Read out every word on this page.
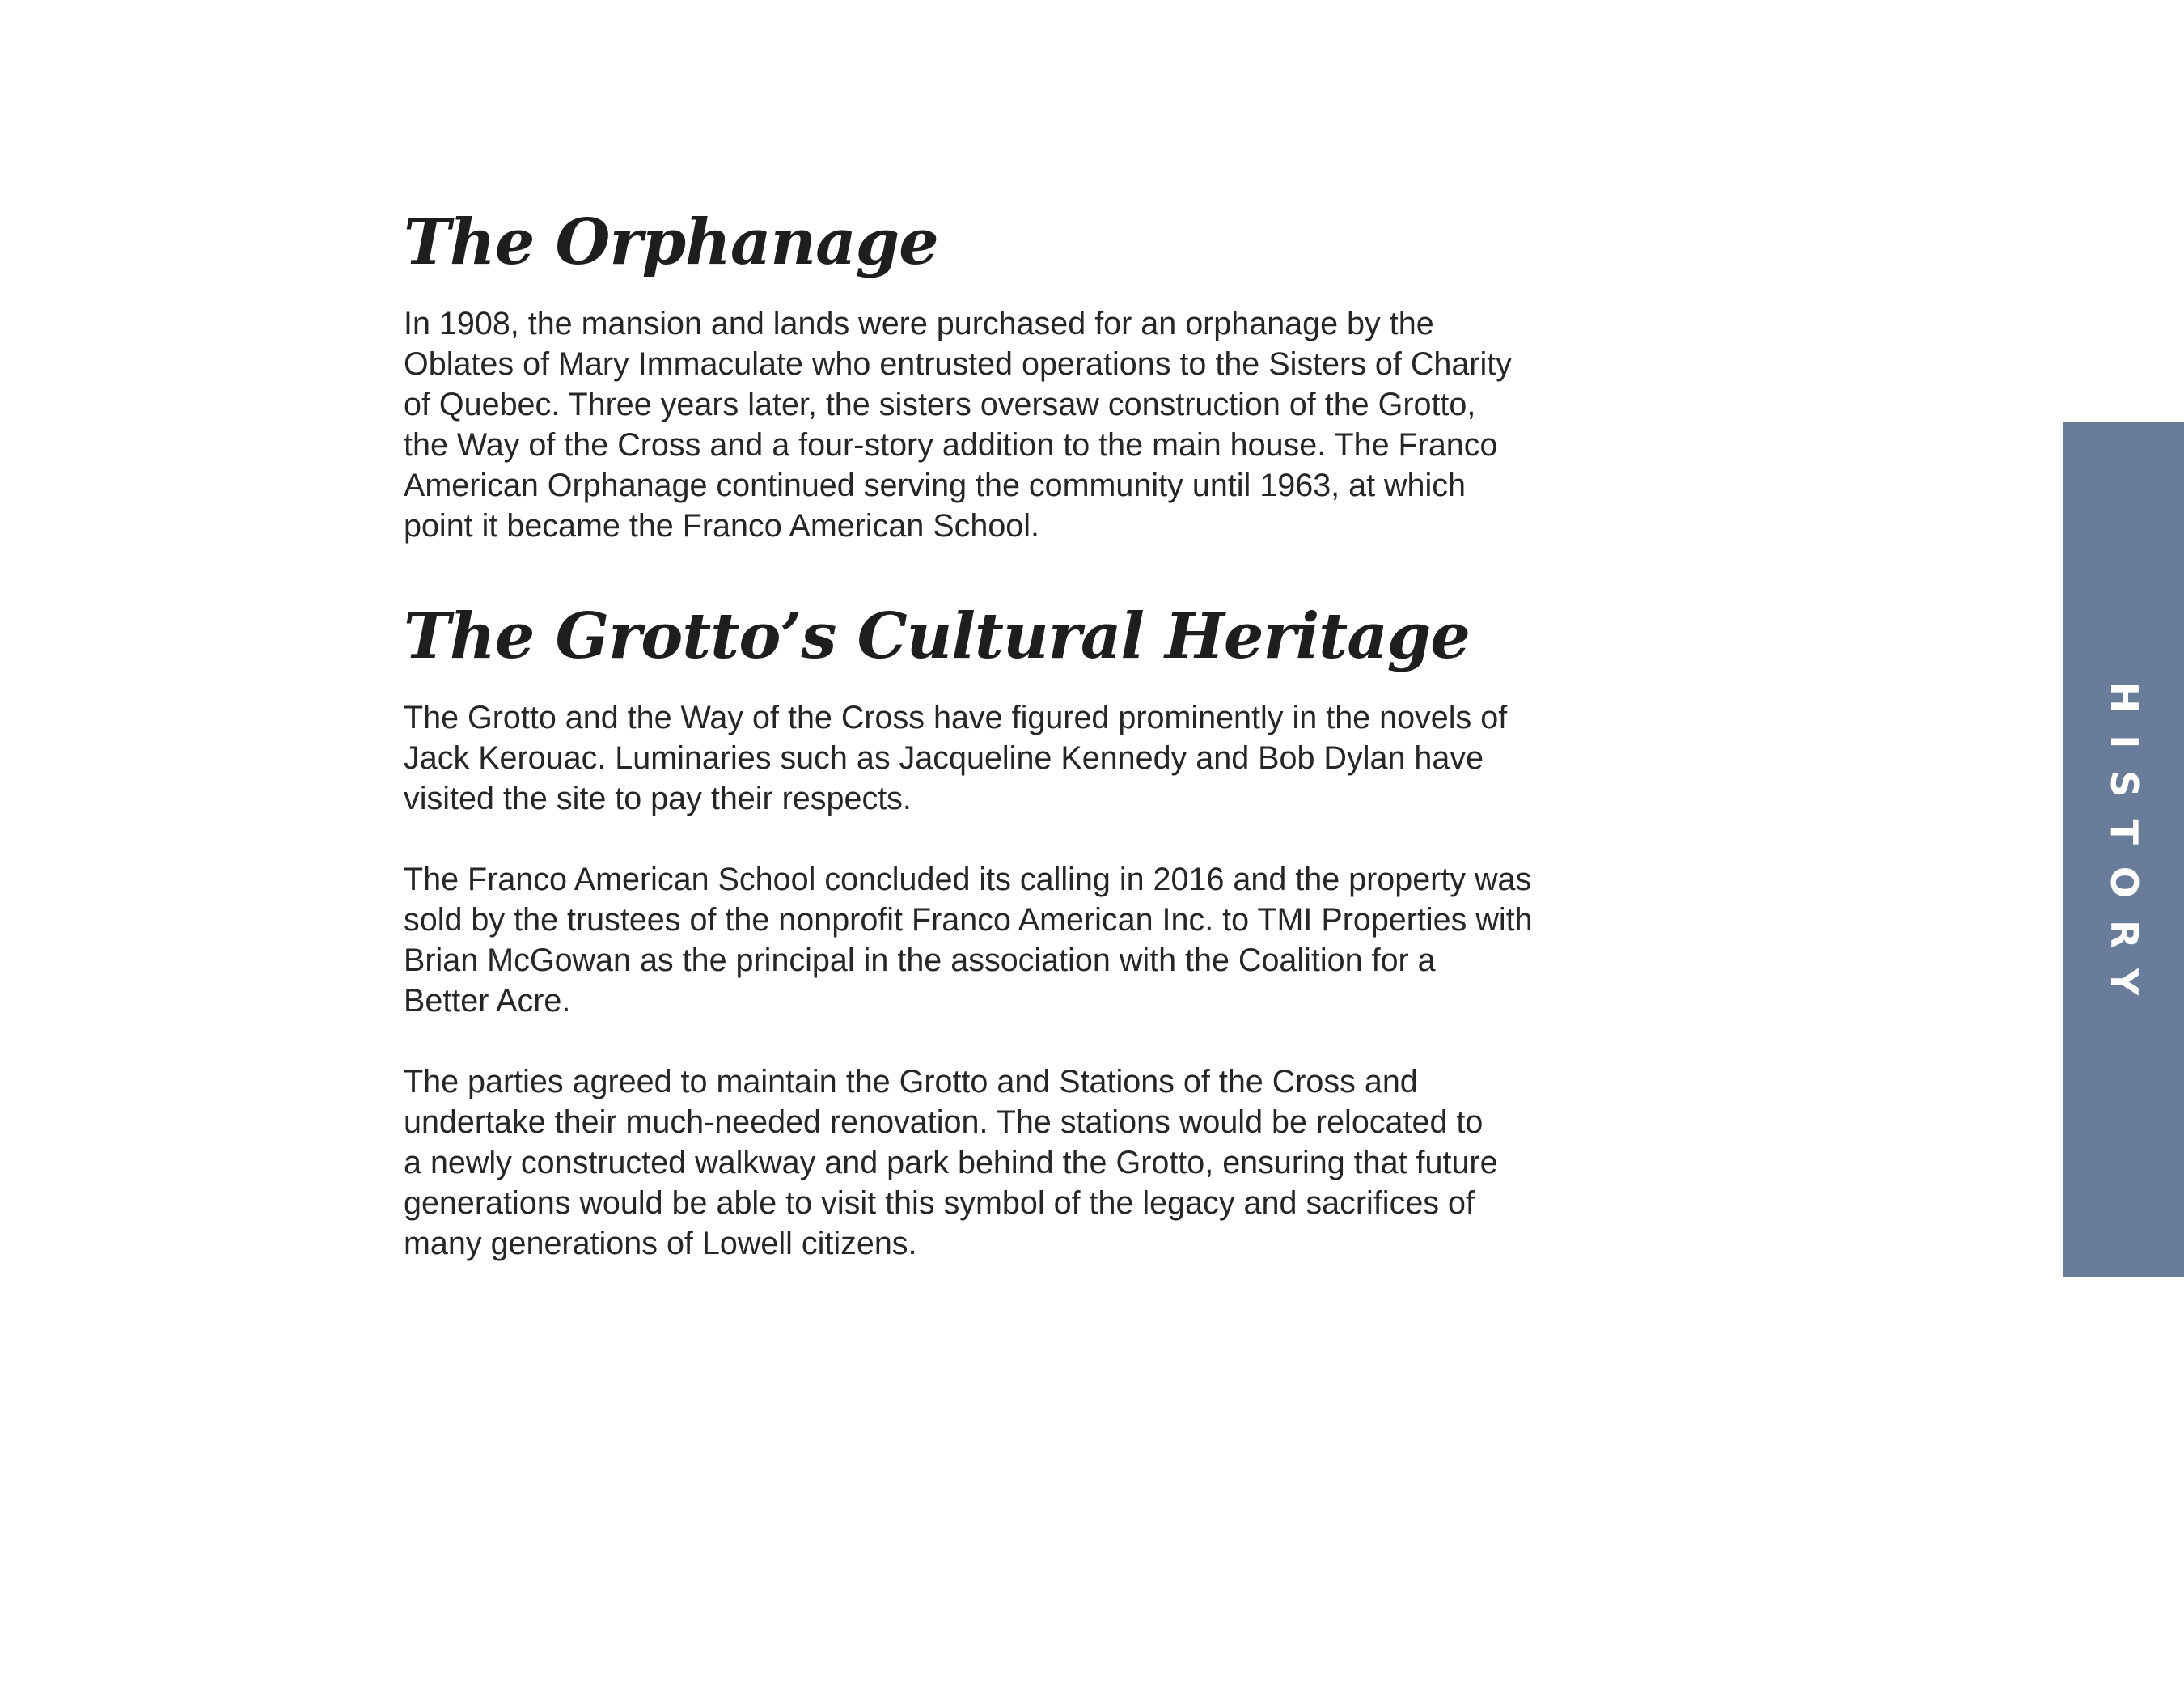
The Orphanage

In 1908, the mansion and lands were purchased for an orphanage by the
Oblates of Mary Immaculate who entrusted operations to the Sisters of Charity
of Quebec. Three years later, the sisters oversaw construction of the Grotto,
the Way of the Cross and a four-story addition to the main house. The Franco
American Orphanage continued serving the community until 1963, at which
point it became the Franco American School.

The Grotto’s Cultural Heritage

The Grotto and the Way of the Cross have figured prominently in the novels of
Jack Kerouac. Luminaries such as Jacqueline Kennedy and Bob Dylan have
visited the site to pay their respects.

The Franco American School concluded its calling in 2016 and the property was
sold by the trustees of the nonprofit Franco American Inc. to TMI Properties with
Brian McGowan as the principal in the association with the Coalition for a
Better Acre.

The parties agreed to maintain the Grotto and Stations of the Cross and
undertake their much-needed renovation. The stations would be relocated to
a newly constructed walkway and park behind the Grotto, ensuring that future
generations would be able to visit this symbol of the legacy and sacrifices of
many generations of Lowell citizens.

HISTORY
